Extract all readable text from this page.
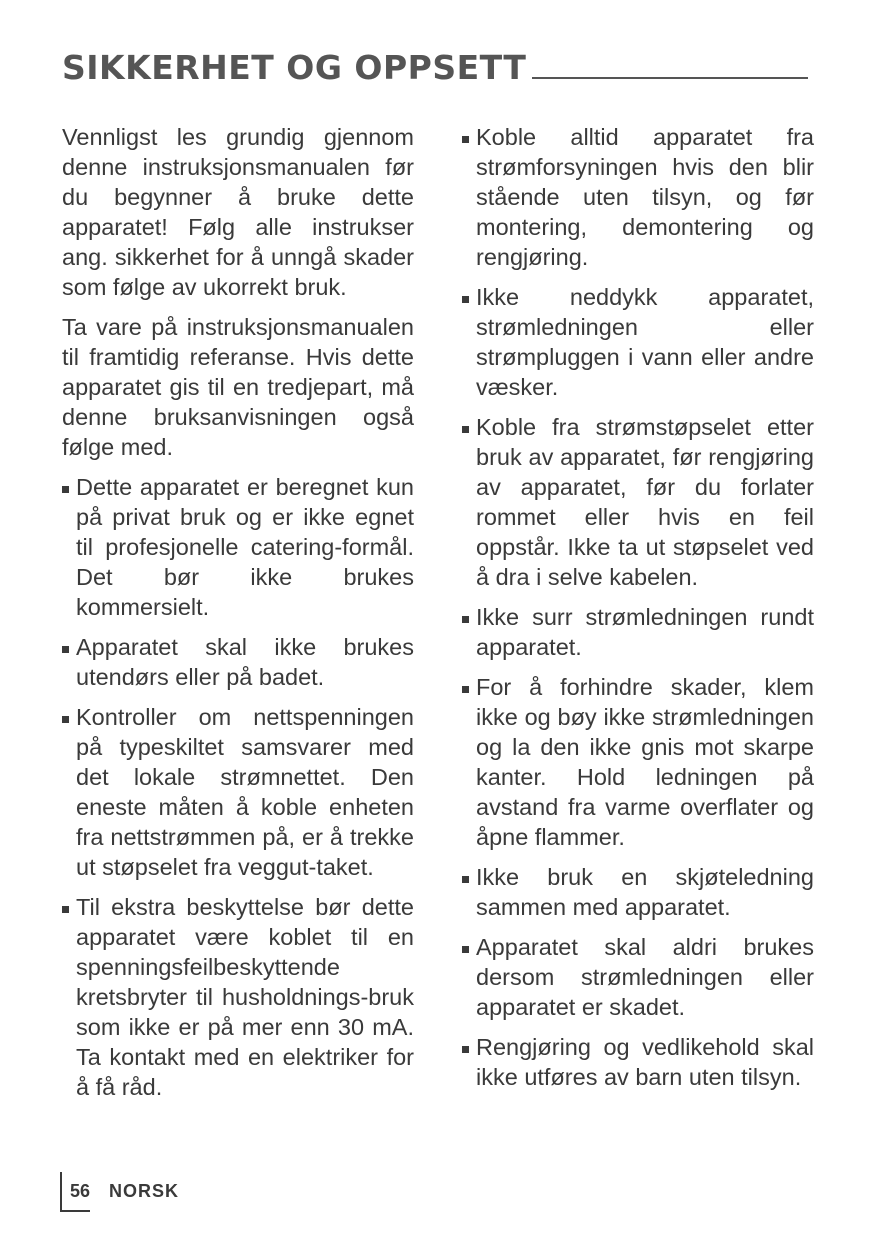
SIKKERHET OG OPPSETT

Vennligst les grundig gjennom denne instruksjonsmanualen før du begynner å bruke dette apparatet! Følg alle instrukser ang. sikkerhet for å unngå skader som følge av ukorrekt bruk.

Ta vare på instruksjonsmanualen til framtidig referanse. Hvis dette apparatet gis til en tredjepart, må denne bruksanvisningen også følge med.

Dette apparatet er beregnet kun på privat bruk og er ikke egnet til profesjonelle catering-formål. Det bør ikke brukes kommersielt.
Apparatet skal ikke brukes utendørs eller på badet.
Kontroller om nettspenningen på typeskiltet samsvarer med det lokale strømnettet. Den eneste måten å koble enheten fra nettstrømmen på, er å trekke ut støpselet fra veggut-taket.
Til ekstra beskyttelse bør dette apparatet være koblet til en spenningsfeilbeskyttende kretsbryter til husholdnings-bruk som ikke er på mer enn 30 mA. Ta kontakt med en elektriker for å få råd.
Koble alltid apparatet fra strømforsyningen hvis den blir stående uten tilsyn, og før montering, demontering og rengjøring.
Ikke neddykk apparatet, strømledningen eller strømpluggen i vann eller andre væsker.
Koble fra strømstøpselet etter bruk av apparatet, før rengjøring av apparatet, før du forlater rommet eller hvis en feil oppstår. Ikke ta ut støpselet ved å dra i selve kabelen.
Ikke surr strømledningen rundt apparatet.
For å forhindre skader, klem ikke og bøy ikke strømledningen og la den ikke gnis mot skarpe kanter. Hold ledningen på avstand fra varme overflater og åpne flammer.
Ikke bruk en skjøteledning sammen med apparatet.
Apparatet skal aldri brukes dersom strømledningen eller apparatet er skadet.
Rengjøring og vedlikehold skal ikke utføres av barn uten tilsyn.
56 NORSK
